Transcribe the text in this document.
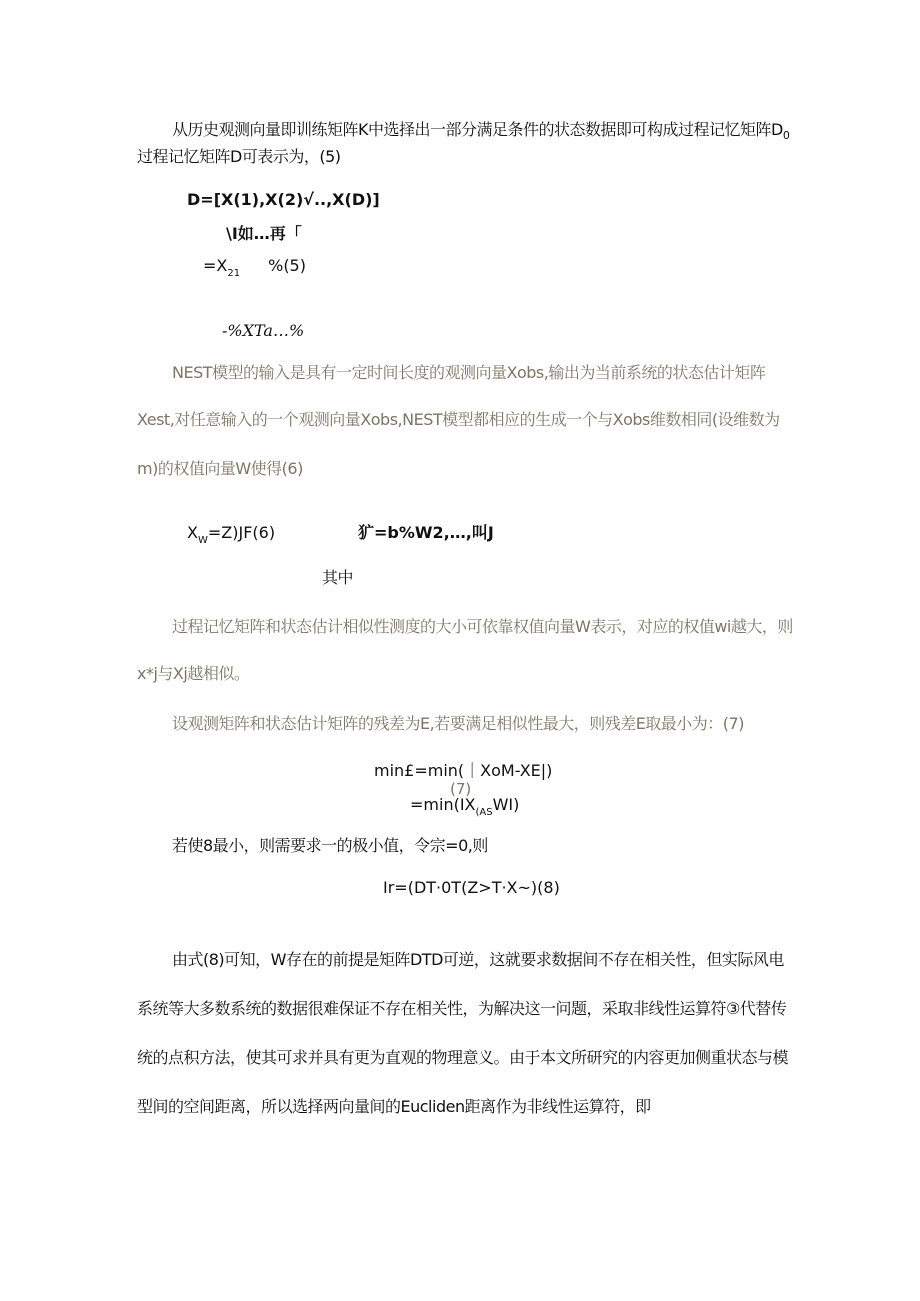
从历史观测向量即训练矩阵K中选择出一部分满足条件的状态数据即可构成过程记忆矩阵$D_0$
过程记忆矩阵D可表示为，(5)
D=[X(1),X(2)√..,X(D)]
\I如…再「
$=X_{21}$ %(5)
-%XTa…%
NEST模型的输入是具有一定时间长度的观测向量Xobs,输出为当前系统的状态估计矩阵
Xest,对任意输入的一个观测向量Xobs,NEST模型都相应的生成一个与Xobs维数相同(设维数为
m)的权值向量W使得(6)
$X_W=Z)JF(6)$	犷=b%W2,…,叫J
其中
过程记忆矩阵和状态估计相似性测度的大小可依靠权值向量W表示，对应的权值wi越大，则
x*j与Xj越相似。
设观测矩阵和状态估计矩阵的残差为E,若要满足相似性最大，则残差E取最小为：(7)
min£=min(｜XoM-XE|)
(7)
$=\min(IX_{(AS}WI)$
若使8最小，则需要求一的极小值，令宗=0,则
Ir=(DT·0T(Z>T·X~)(8)
由式(8)可知，W存在的前提是矩阵DTD可逆，这就要求数据间不存在相关性，但实际风电
系统等大多数系统的数据很难保证不存在相关性，为解决这一问题，采取非线性运算符③代替传
统的点积方法，使其可求并具有更为直观的物理意义。由于本文所研究的内容更加侧重状态与模
型间的空间距离，所以选择两向量间的Eucliden距离作为非线性运算符，即
